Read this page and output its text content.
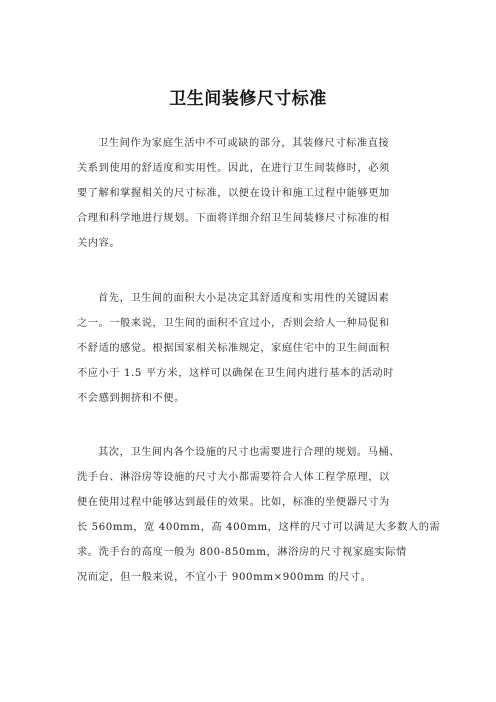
卫生间装修尺寸标准
卫生间作为家庭生活中不可或缺的部分，其装修尺寸标准直接
关系到使用的舒适度和实用性。因此，在进行卫生间装修时，必须
要了解和掌握相关的尺寸标准，以便在设计和施工过程中能够更加
合理和科学地进行规划。下面将详细介绍卫生间装修尺寸标准的相
关内容。
首先，卫生间的面积大小是决定其舒适度和实用性的关键因素
之一。一般来说，卫生间的面积不宜过小，否则会给人一种局促和
不舒适的感觉。根据国家相关标准规定，家庭住宅中的卫生间面积
不应小于 1.5 平方米，这样可以确保在卫生间内进行基本的活动时
不会感到拥挤和不便。
其次，卫生间内各个设施的尺寸也需要进行合理的规划。马桶、
洗手台、淋浴房等设施的尺寸大小都需要符合人体工程学原理，以
便在使用过程中能够达到最佳的效果。比如，标准的坐便器尺寸为
长 560mm，宽 400mm，高 400mm，这样的尺寸可以满足大多数人的需
求。洗手台的高度一般为 800-850mm，淋浴房的尺寸视家庭实际情
况而定，但一般来说，不宜小于 900mm×900mm 的尺寸。
